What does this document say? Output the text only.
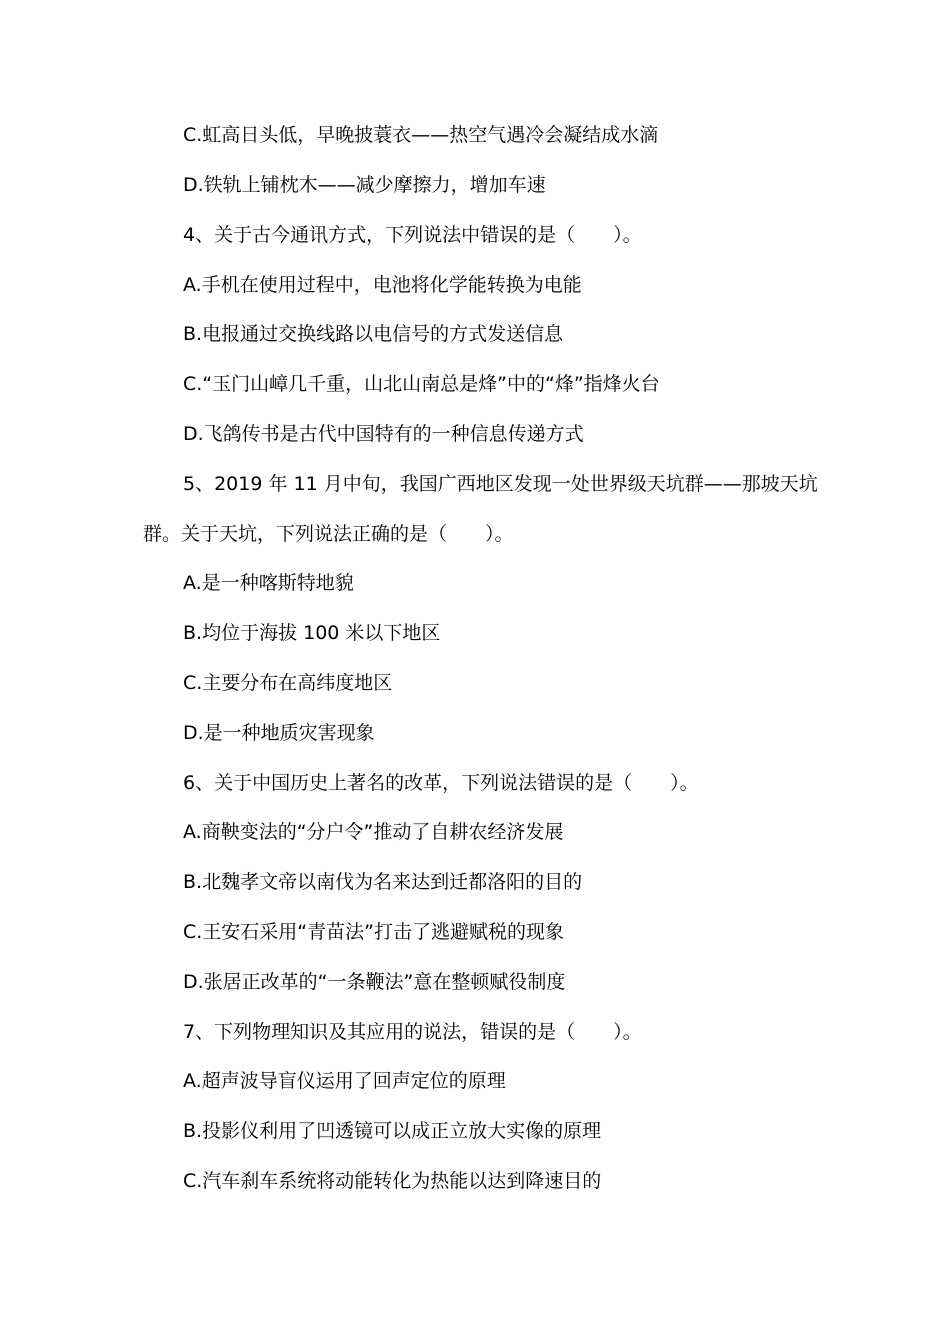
C.虹高日头低，早晚披蓑衣——热空气遇冷会凝结成水滴
D.铁轨上铺枕木——减少摩擦力，增加车速
4、关于古今通讯方式，下列说法中错误的是（　　）。
A.手机在使用过程中，电池将化学能转换为电能
B.电报通过交换线路以电信号的方式发送信息
C.“玉门山嶂几千重，山北山南总是烽”中的“烽”指烽火台
D.飞鸽传书是古代中国特有的一种信息传递方式
5、2019 年 11 月中旬，我国广西地区发现一处世界级天坑群——那坡天坑
群。关于天坑，下列说法正确的是（　　）。
A.是一种喀斯特地貌
B.均位于海拔 100 米以下地区
C.主要分布在高纬度地区
D.是一种地质灾害现象
6、关于中国历史上著名的改革，下列说法错误的是（　　）。
A.商鞅变法的“分户令”推动了自耕农经济发展
B.北魏孝文帝以南伐为名来达到迁都洛阳的目的
C.王安石采用“青苗法”打击了逃避赋税的现象
D.张居正改革的“一条鞭法”意在整顿赋役制度
7、下列物理知识及其应用的说法，错误的是（　　）。
A.超声波导盲仪运用了回声定位的原理
B.投影仪利用了凹透镜可以成正立放大实像的原理
C.汽车刹车系统将动能转化为热能以达到降速目的
